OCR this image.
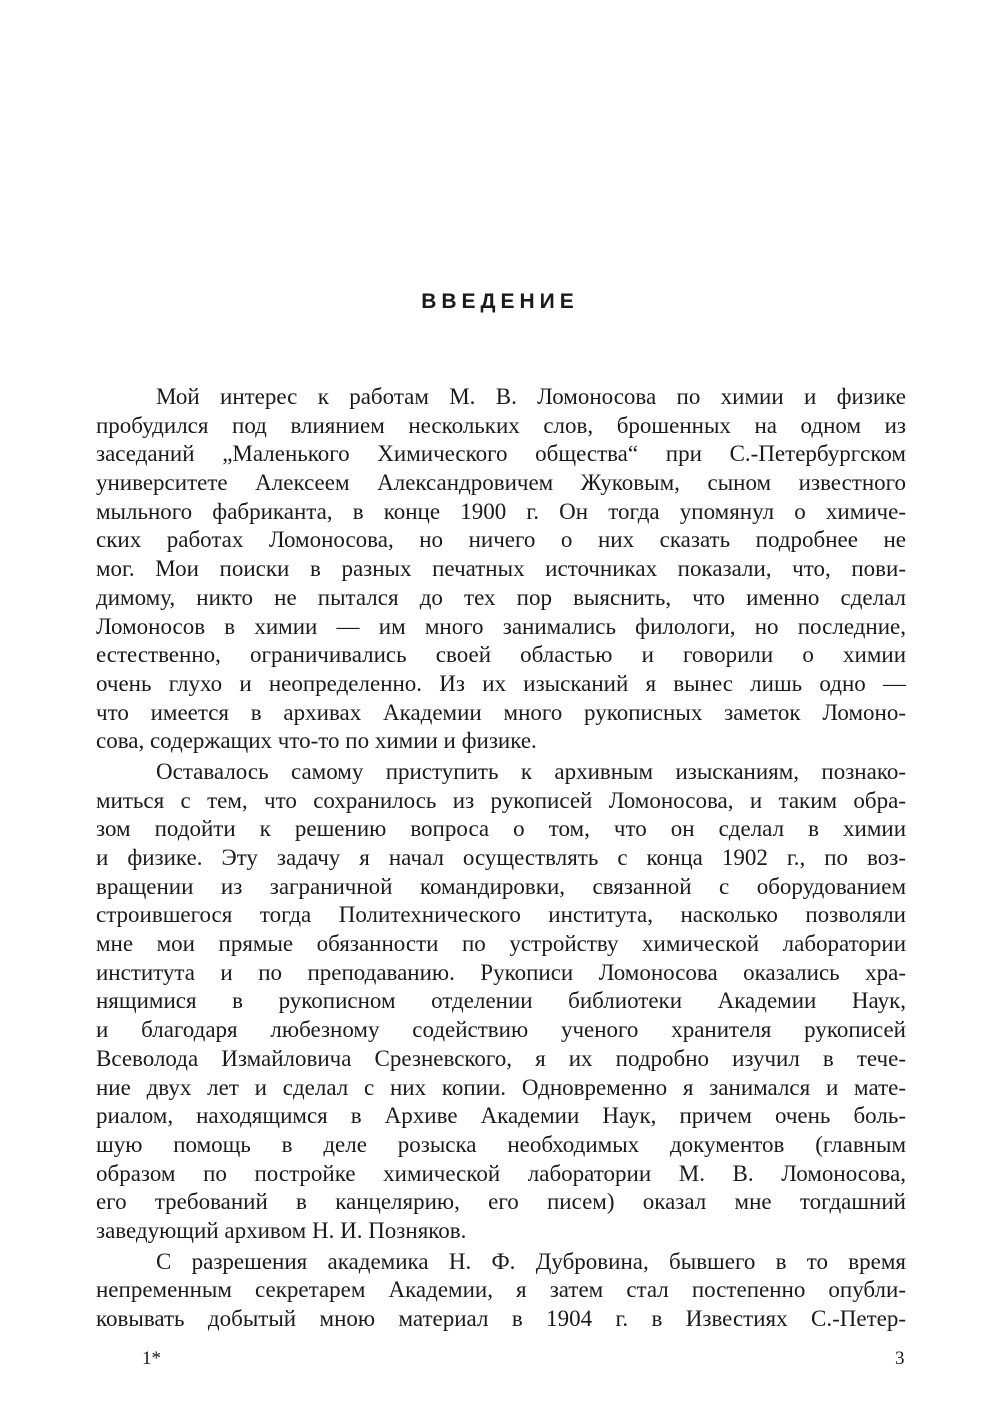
ВВЕДЕНИЕ
Мой интерес к работам М. В. Ломоносова по химии и физике
пробудился под влиянием нескольких слов, брошенных на одном из
заседаний „Маленького Химического общества“ при С.-Петербургском
университете Алексеем Александровичем Жуковым, сыном известного
мыльного фабриканта, в конце 1900 г. Он тогда упомянул о химиче-
ских работах Ломоносова, но ничего о них сказать подробнее не
мог. Мои поиски в разных печатных источниках показали, что, пови-
димому, никто не пытался до тех пор выяснить, что именно сделал
Ломоносов в химии — им много занимались филологи, но последние,
естественно, ограничивались своей областью и говорили о химии
очень глухо и неопределенно. Из их изысканий я вынес лишь одно —
что имеется в архивах Академии много рукописных заметок Ломоно-
сова, содержащих что-то по химии и физике.
Оставалось самому приступить к архивным изысканиям, познако-
миться с тем, что сохранилось из рукописей Ломоносова, и таким обра-
зом подойти к решению вопроса о том, что он сделал в химии
и физике. Эту задачу я начал осуществлять с конца 1902 г., по воз-
вращении из заграничной командировки, связанной с оборудованием
строившегося тогда Политехнического института, насколько позволяли
мне мои прямые обязанности по устройству химической лаборатории
института и по преподаванию. Рукописи Ломоносова оказались хра-
нящимися в рукописном отделении библиотеки Академии Наук,
и благодаря любезному содействию ученого хранителя рукописей
Всеволода Измайловича Срезневского, я их подробно изучил в тече-
ние двух лет и сделал с них копии. Одновременно я занимался и мате-
риалом, находящимся в Архиве Академии Наук, причем очень боль-
шую помощь в деле розыска необходимых документов (главным
образом по постройке химической лаборатории М. В. Ломоносова,
его требований в канцелярию, его писем) оказал мне тогдашний
заведующий архивом Н. И. Позняков.
С разрешения академика Н. Ф. Дубровина, бывшего в то время
непременным секретарем Академии, я затем стал постепенно опубли-
ковывать добытый мною материал в 1904 г. в Известиях С.-Петер-
1*	3
